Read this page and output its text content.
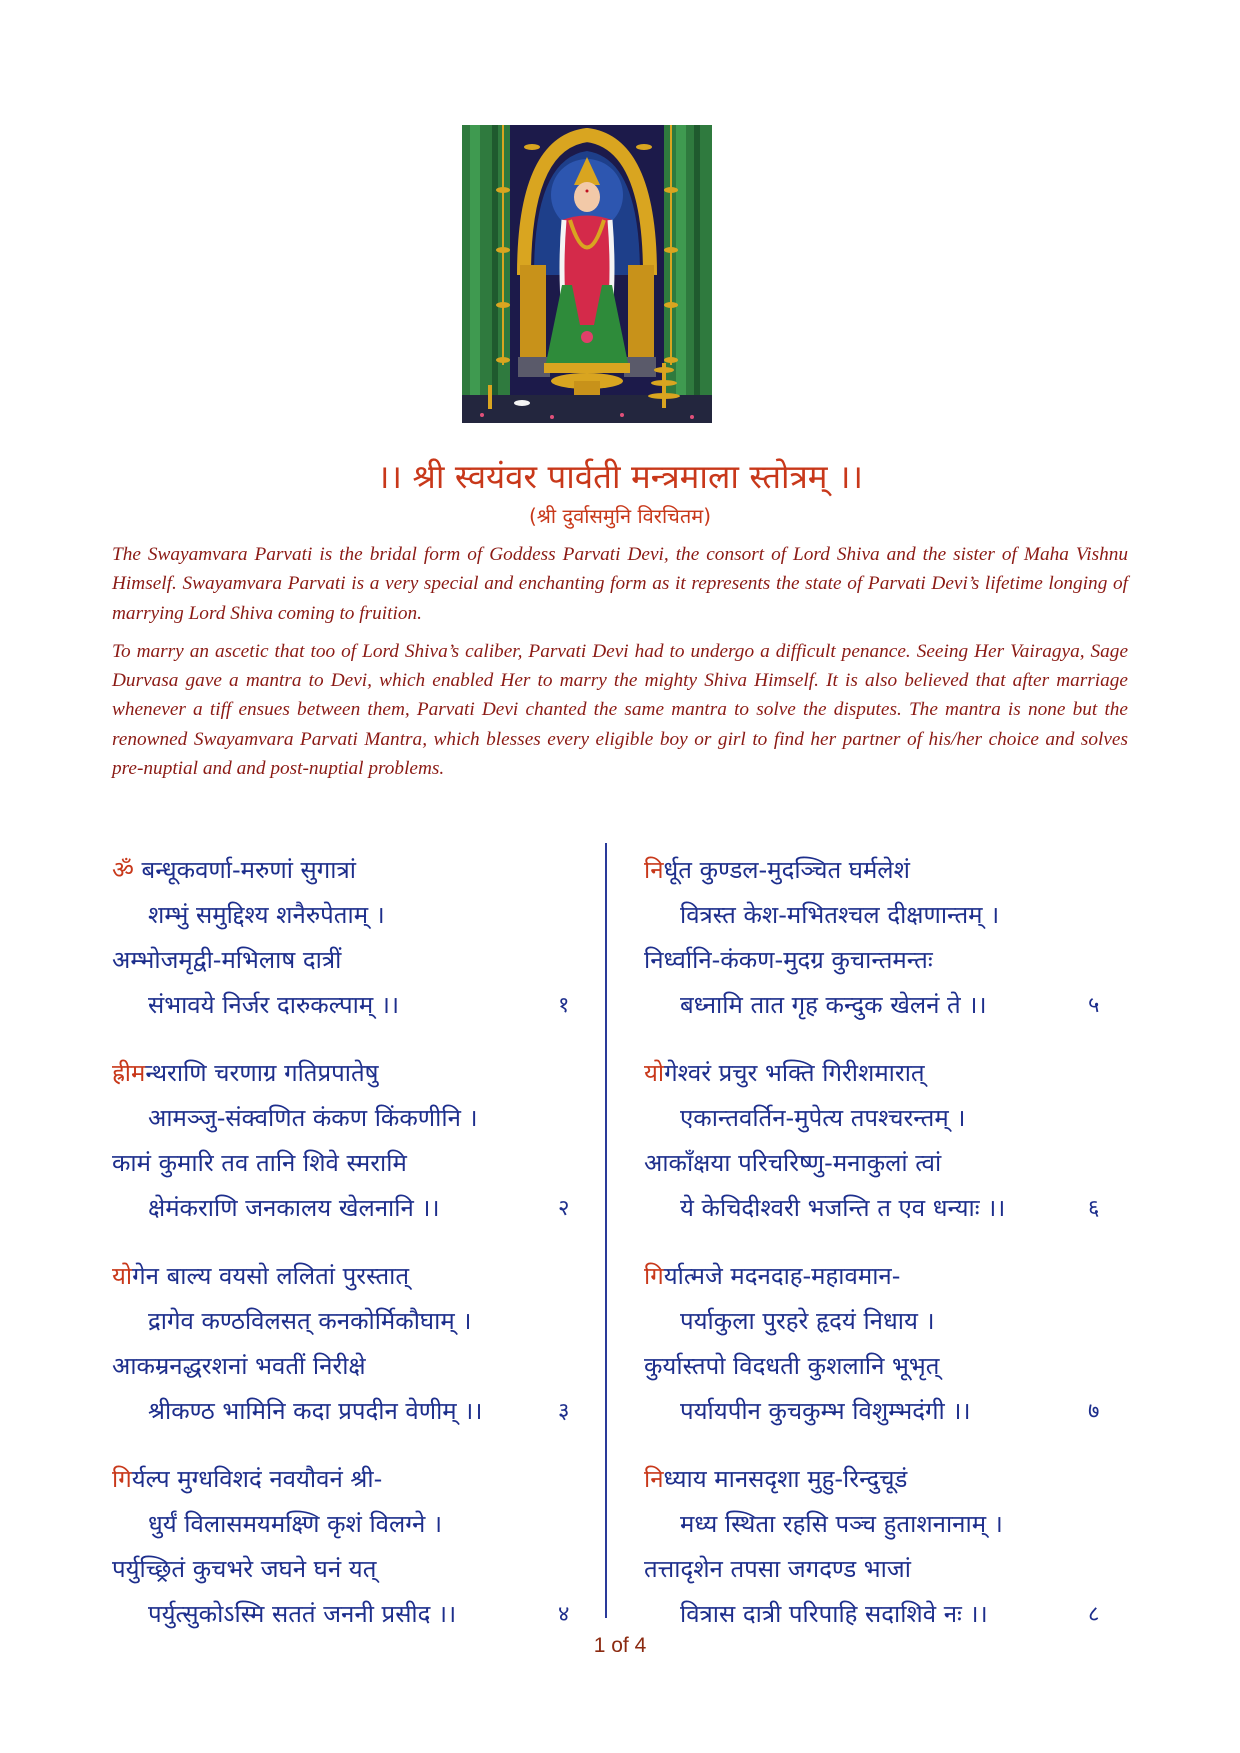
।। श्री स्वयंवर पार्वती मन्त्रमाला स्तोत्रम् ।।
(श्री दुर्वासमुनि विरचितम)

The Swayamvara Parvati is the bridal form of Goddess Parvati Devi, the consort of Lord Shiva and the sister of Maha Vishnu Himself. Swayamvara Parvati is a very special and enchanting form as it represents the state of Parvati Devi’s lifetime longing of marrying Lord Shiva coming to fruition.

To marry an ascetic that too of Lord Shiva’s caliber, Parvati Devi had to undergo a difficult penance. Seeing Her Vairagya, Sage Durvasa gave a mantra to Devi, which enabled Her to marry the mighty Shiva Himself. It is also believed that after marriage whenever a tiff ensues between them, Parvati Devi chanted the same mantra to solve the disputes. The mantra is none but the renowned Swayamvara Parvati Mantra, which blesses every eligible boy or girl to find her partner of his/her choice and solves pre-nuptial and and post-nuptial problems.

ॐ बन्धूकवर्णा-मरुणां सुगात्रां
शम्भुं समुद्दिश्य शनैरुपेताम् ।
अम्भोजमृद्वी-मभिलाष दात्रीं
संभावये निर्जर दारुकल्पाम् ।।	१
ह्रीमन्थराणि चरणाग्र गतिप्रपातेषु
आमञ्जु-संक्वणित कंकण किंकणीनि ।
कामं कुमारि तव तानि शिवे स्मरामि
क्षेमंकराणि जनकालय खेलनानि ।।	२
योगेन बाल्य वयसो ललितां पुरस्तात्
द्रागेव कण्ठविलसत् कनकोर्मिकौघाम् ।
आकम्रनद्धरशनां भवतीं निरीक्षे
श्रीकण्ठ भामिनि कदा प्रपदीन वेणीम् ।।	३
गिर्यल्प मुग्धविशदं नवयौवनं श्री-
धुर्यं विलासमयमक्ष्णि कृशं विलग्ने ।
पर्युच्छ्रितं कुचभरे जघने घनं यत्
पर्युत्सुकोऽस्मि सततं जननी प्रसीद ।।	४
निर्धूत कुण्डल-मुदञ्चित घर्मलेशं
वित्रस्त केश-मभितश्चल दीक्षणान्तम् ।
निर्ध्वानि-कंकण-मुदग्र कुचान्तमन्तः
बध्नामि तात गृह कन्दुक खेलनं ते ।।	५
योगेश्वरं प्रचुर भक्ति गिरीशमारात्
एकान्तवर्तिन-मुपेत्य तपश्चरन्तम् ।
आकाँक्षया परिचरिष्णु-मनाकुलां त्वां
ये केचिदीश्वरी भजन्ति त एव धन्याः ।।	६
गिर्यात्मजे मदनदाह-महावमान-
पर्याकुला पुरहरे हृदयं निधाय ।
कुर्यास्तपो विदधती कुशलानि भूभृत्
पर्यायपीन कुचकुम्भ विशुम्भदंगी ।।	७
निध्याय मानसदृशा मुहु-रिन्दुचूडं
मध्य स्थिता रहसि पञ्च हुताशनानाम् ।
तत्तादृशेन तपसा जगदण्ड भाजां
वित्रास दात्री परिपाहि सदाशिवे नः ।।	८
1 of 4
